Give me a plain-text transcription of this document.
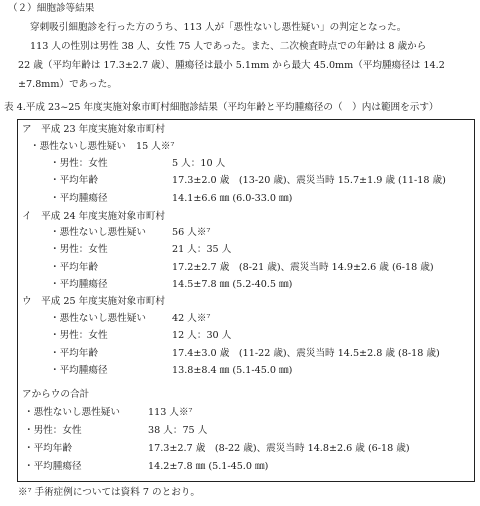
（２）細胞診等結果
穿刺吸引細胞診を行った方のうち、113 人が「悪性ないし悪性疑い」の判定となった。
113 人の性別は男性 38 人、女性 75 人であった。また、二次検査時点での年齢は 8 歳から
22 歳（平均年齢は 17.3±2.7 歳）、腫瘍径は最小 5.1mm から最大 45.0mm（平均腫瘍径は 14.2
±7.8mm）であった。
表 4.平成 23~25 年度実施対象市町村細胞診結果（平均年齢と平均腫瘍径の（　）内は範囲を示す）
ア　平成 23 年度実施対象市町村
・悪性ないし悪性疑い 15 人※⁷
・男性：女性	5 人：10 人
・平均年齢	17.3±2.0 歳　(13-20 歳)、震災当時 15.7±1.9 歳 (11-18 歳)
・平均腫瘍径	14.1±6.6 ㎜ (6.0-33.0 ㎜)
イ　平成 24 年度実施対象市町村
・悪性ないし悪性疑い	56 人※⁷
・男性：女性	21 人：35 人
・平均年齢	17.2±2.7 歳　(8-21 歳)、震災当時 14.9±2.6 歳 (6-18 歳)
・平均腫瘍径	14.5±7.8 ㎜ (5.2-40.5 ㎜)
ウ　平成 25 年度実施対象市町村
・悪性ないし悪性疑い	42 人※⁷
・男性：女性	12 人：30 人
・平均年齢	17.4±3.0 歳　(11-22 歳)、震災当時 14.5±2.8 歳 (8-18 歳)
・平均腫瘍径	13.8±8.4 ㎜ (5.1-45.0 ㎜)
アからウの合計
・悪性ないし悪性疑い	113 人※⁷
・男性：女性	38 人：75 人
・平均年齢	17.3±2.7 歳　(8-22 歳)、震災当時 14.8±2.6 歳 (6-18 歳)
・平均腫瘍径	14.2±7.8 ㎜ (5.1-45.0 ㎜)
※⁷ 手術症例については資料 7 のとおり。
